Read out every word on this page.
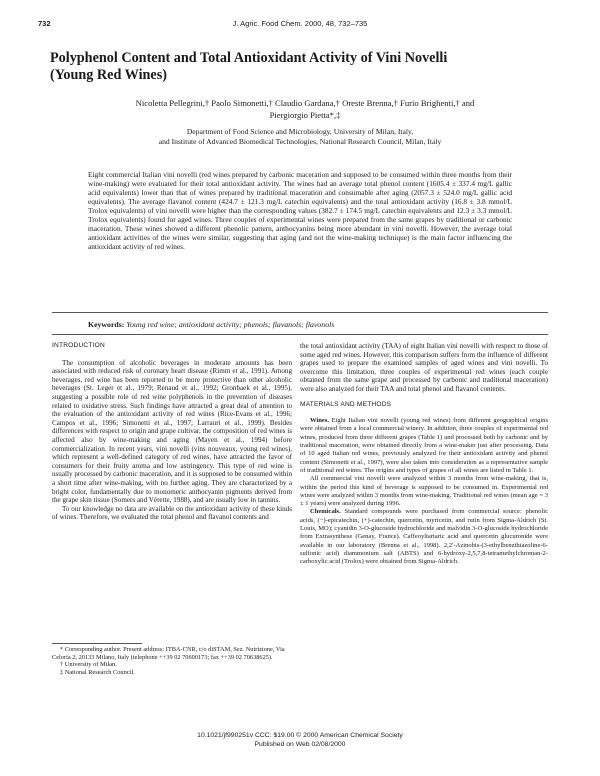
732	J. Agric. Food Chem. 2000, 48, 732–735
Polyphenol Content and Total Antioxidant Activity of Vini Novelli
(Young Red Wines)
Nicoletta Pellegrini,† Paolo Simonetti,† Claudio Gardana,† Oreste Brenna,† Furio Brighenti,† and
Piergiorgio Pietta*,‡
Department of Food Science and Microbiology, University of Milan, Italy,
and Institute of Advanced Biomedical Technologies, National Research Council, Milan, Italy
Eight commercial Italian vini novelli (red wines prepared by carbonic maceration and supposed to be consumed within three months from their wine-making) were evaluated for their total antioxidant activity. The wines had an average total phenol content (1605.4 ± 337.4 mg/L gallic acid equivalents) lower than that of wines prepared by traditional maceration and consumable after aging (2057.3 ± 524.0 mg/L gallic acid equivalents). The average flavanol content (424.7 ± 121.3 mg/L catechin equivalents) and the total antioxidant activity (16.8 ± 3.8 mmol/L Trolox equivalents) of vini novelli were higher than the corresponding values (382.7 ± 174.5 mg/L catechin equivalents and 12.3 ± 3.3 mmol/L Trolox equivalents) found for aged wines. Three couples of experimental wines were prepared from the same grapes by traditional or carbonic maceration. These wines showed a different phenolic pattern, anthocyanins being more abundant in vini novelli. However, the average total antioxidant activities of the wines were similar, suggesting that aging (and not the wine-making technique) is the main factor influencing the antioxidant activity of red wines.
Keywords: Young red wine; antioxidant activity; phenols; flavanols; flavonols

INTRODUCTION

The consumption of alcoholic beverages in moderate amounts has been associated with reduced risk of coronary heart disease (Rimm et al., 1991). Among beverages, red wine has been reported to be more protective than other alcoholic beverages (St. Leger et al., 1979; Renaud et al., 1992; Gronbaek et al., 1995), suggesting a possible role of red wine polyphenols in the prevention of diseases related to oxidative stress. Such findings have attracted a great deal of attention to the evaluation of the antioxidant activity of red wines (Rice-Evans et al., 1996; Campos et al., 1996; Simonetti et al., 1997; Larrauri et al., 1999). Besides differences with respect to origin and grape cultivar, the composition of red wines is affected also by wine-making and aging (Mayen et al., 1994) before commercialization. In recent years, vini novelli (vins nouveaux, young red wines), which represent a well-defined category of red wines, have attracted the favor of consumers for their fruity aroma and low astringency. This type of red wine is usually processed by carbonic maceration, and it is supposed to be consumed within a short time after wine-making, with no further aging. They are characterized by a bright color, fundamentally due to monomeric anthocyanin pigments derived from the grape skin tissue (Somers and Vérette, 1988), and are usually low in tannins.

To our knowledge no data are available on the antioxidant activity of these kinds of wines. Therefore, we evaluated the total phenol and flavanol contents and

* Corresponding author. Present address: ITBA-CNR, c/o diSTAM, Sez. Nutrizione, Via Celoria 2, 20133 Milano, Italy (telephone ++39 02 70600173; fax ++39 02 70638625).

† University of Milan.

‡ National Research Council.

the total antioxidant activity (TAA) of eight Italian vini novelli with respect to those of some aged red wines. However, this comparison suffers from the influence of different grapes used to prepare the examined samples of aged wines and vini novelli. To overcome this limitation, three couples of experimental red wines (each couple obtained from the same grape and processed by carbonic and traditional maceration) were also analyzed for their TAA and total phenol and flavanol contents.

MATERIALS AND METHODS

Wines. Eight Italian vini novelli (young red wines) from different geographical origins were obtained from a local commercial winery. In addition, three couples of experimental red wines, produced from three different grapes (Table 1) and processed both by carbonic and by traditional maceration, were obtained directly from a wine-maker just after processing. Data of 10 aged Italian red wines, previously analyzed for their antioxidant activity and phenol content (Simonetti et al., 1997), were also taken into consideration as a representative sample of traditional red wines. The origins and types of grapes of all wines are listed in Table 1.

All commercial vini novelli were analyzed within 3 months from wine-making, that is, within the period this kind of beverage is supposed to be consumed in. Experimental red wines were analyzed within 3 months from wine-making. Traditional red wines (mean age = 3 ± 1 years) were analyzed during 1996.

Chemicals. Standard compounds were purchased from commercial source: phenolic acids, (−)-epicatechin, (+)-catechin, quercetin, myricetin, and rutin from Sigma-Aldrich (St. Louis, MO); cyanidin 3-O-glucoside hydrochloride and malvidin 3-O-glucoside hydrochloride from Extrasynthese (Genay, France). Caffeoyltartaric acid and quercetin glucuronide were available in our laboratory (Brenna et al., 1998). 2,2′-Azinobis-(3-ethylbenzthiazoline-6-sulfonic acid) diammonium salt (ABTS) and 6-hydroxy-2,5,7,8-tetramethylchroman-2-carboxylic acid (Trolox) were obtained from Sigma-Aldrich.

10.1021/jf990251v CCC: $19.00 © 2000 American Chemical Society
Published on Web 02/08/2000
